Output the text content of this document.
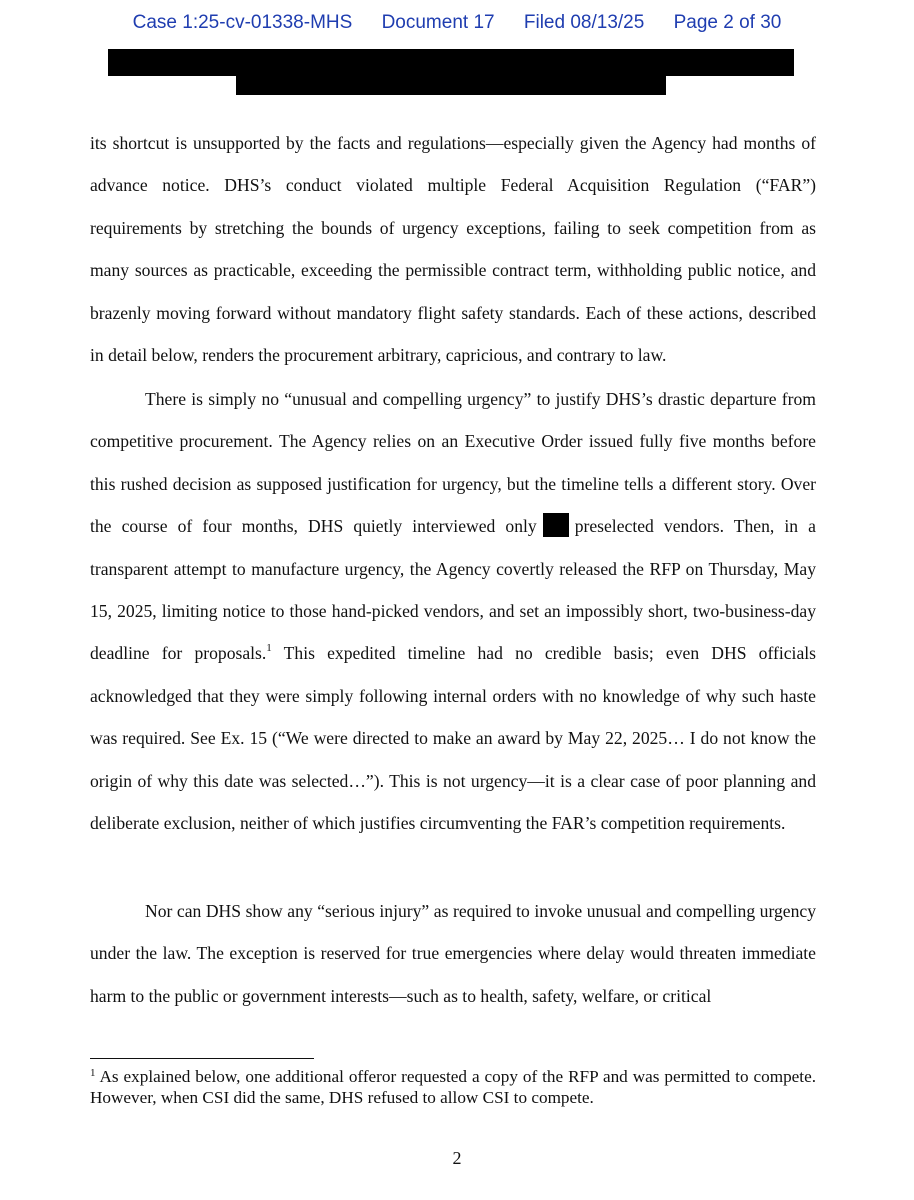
Case 1:25-cv-01338-MHS Document 17 Filed 08/13/25 Page 2 of 30

its shortcut is unsupported by the facts and regulations—especially given the Agency had months of advance notice. DHS’s conduct violated multiple Federal Acquisition Regulation (“FAR”) requirements by stretching the bounds of urgency exceptions, failing to seek competition from as many sources as practicable, exceeding the permissible contract term, withholding public notice, and brazenly moving forward without mandatory flight safety standards. Each of these actions, described in detail below, renders the procurement arbitrary, capricious, and contrary to law.

There is simply no “unusual and compelling urgency” to justify DHS’s drastic departure from competitive procurement. The Agency relies on an Executive Order issued fully five months before this rushed decision as supposed justification for urgency, but the timeline tells a different story. Over the course of four months, DHS quietly interviewed only preselected vendors. Then, in a transparent attempt to manufacture urgency, the Agency covertly released the RFP on Thursday, May 15, 2025, limiting notice to those hand-picked vendors, and set an impossibly short, two-business-day deadline for proposals.$^1$ This expedited timeline had no credible basis; even DHS officials acknowledged that they were simply following internal orders with no knowledge of why such haste was required. See Ex. 15 (“We were directed to make an award by May 22, 2025… I do not know the origin of why this date was selected…”). This is not urgency—it is a clear case of poor planning and deliberate exclusion, neither of which justifies circumventing the FAR’s competition requirements.

Nor can DHS show any “serious injury” as required to invoke unusual and compelling urgency under the law. The exception is reserved for true emergencies where delay would threaten immediate harm to the public or government interests—such as to health, safety, welfare, or critical

$^1$ As explained below, one additional offeror requested a copy of the RFP and was permitted to compete. However, when CSI did the same, DHS refused to allow CSI to compete.

2
